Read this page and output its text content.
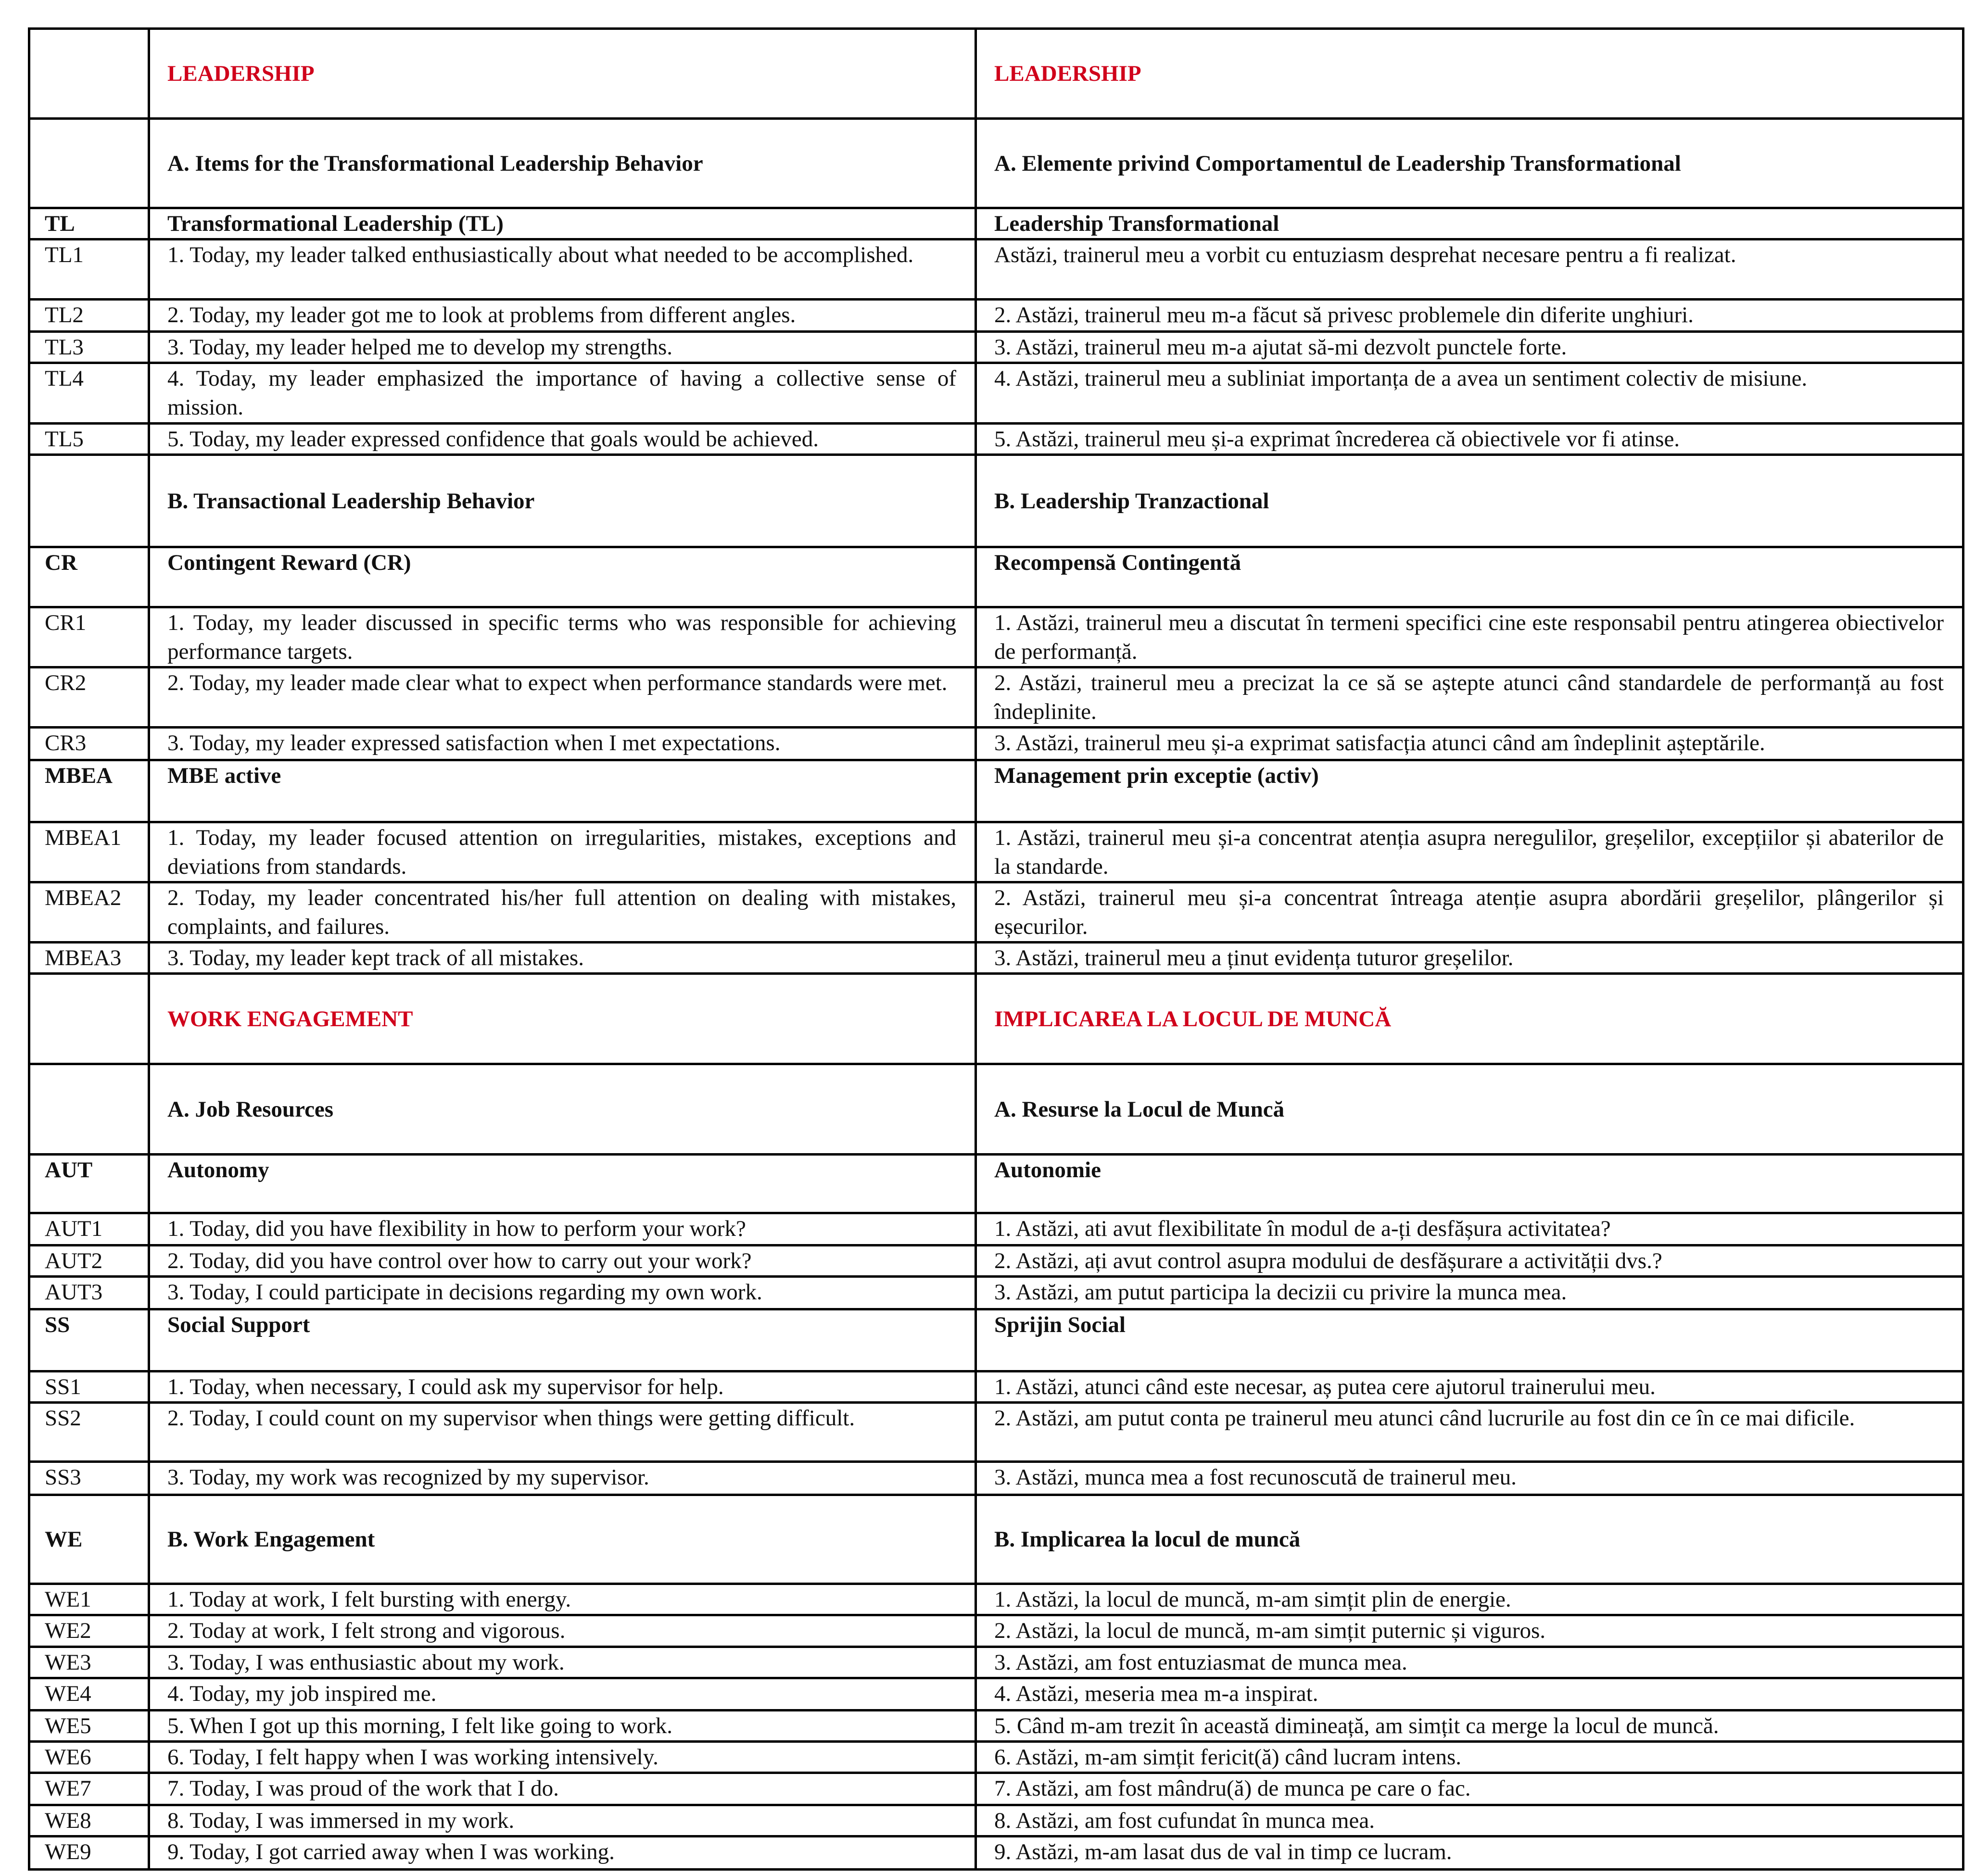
	LEADERSHIP	LEADERSHIP
	A. Items for the Transformational Leadership Behavior	A. Elemente privind Comportamentul de Leadership Transformational
TL	Transformational Leadership (TL)	Leadership Transformational
TL1	1. Today, my leader talked enthusiastically about what needed to be accomplished.	Astăzi, trainerul meu a vorbit cu entuziasm desprehat necesare pentru a fi realizat.
TL2	2. Today, my leader got me to look at problems from different angles.	2. Astăzi, trainerul meu m-a făcut să privesc problemele din diferite unghiuri.
TL3	3. Today, my leader helped me to develop my strengths.	3. Astăzi, trainerul meu m-a ajutat să-mi dezvolt punctele forte.
TL4	4. Today, my leader emphasized the importance of having a collective sense of mission.	4. Astăzi, trainerul meu a subliniat importanța de a avea un sentiment colectiv de misiune.
TL5	5. Today, my leader expressed confidence that goals would be achieved.	5. Astăzi, trainerul meu și-a exprimat încrederea că obiectivele vor fi atinse.
	B. Transactional Leadership Behavior	B. Leadership Tranzactional
CR	Contingent Reward (CR)	Recompensă Contingentă
CR1	1. Today, my leader discussed in specific terms who was responsible for achieving performance targets.	1. Astăzi, trainerul meu a discutat în termeni specifici cine este responsabil pentru atingerea obiectivelor de performanță.
CR2	2. Today, my leader made clear what to expect when performance standards were met.	2. Astăzi, trainerul meu a precizat la ce să se aștepte atunci când standardele de performanță au fost îndeplinite.
CR3	3. Today, my leader expressed satisfaction when I met expectations.	3. Astăzi, trainerul meu și-a exprimat satisfacția atunci când am îndeplinit așteptările.
MBEA	MBE active	Management prin exceptie (activ)
MBEA1	1. Today, my leader focused attention on irregularities, mistakes, exceptions and deviations from standards.	1. Astăzi, trainerul meu și-a concentrat atenția asupra neregulilor, greșelilor, excepțiilor și abaterilor de la standarde.
MBEA2	2. Today, my leader concentrated his/her full attention on dealing with mistakes, complaints, and failures.	2. Astăzi, trainerul meu și-a concentrat întreaga atenție asupra abordării greșelilor, plângerilor și eșecurilor.
MBEA3	3. Today, my leader kept track of all mistakes.	3. Astăzi, trainerul meu a ținut evidența tuturor greșelilor.
	WORK ENGAGEMENT	IMPLICAREA LA LOCUL DE MUNCĂ
	A. Job Resources	A. Resurse la Locul de Muncă
AUT	Autonomy	Autonomie
AUT1	1. Today, did you have flexibility in how to perform your work?	1. Astăzi, ati avut flexibilitate în modul de a-ți desfășura activitatea?
AUT2	2. Today, did you have control over how to carry out your work?	2. Astăzi, ați avut control asupra modului de desfășurare a activității dvs.?
AUT3	3. Today, I could participate in decisions regarding my own work.	3. Astăzi, am putut participa la decizii cu privire la munca mea.
SS	Social Support	Sprijin Social
SS1	1. Today, when necessary, I could ask my supervisor for help.	1. Astăzi, atunci când este necesar, aș putea cere ajutorul trainerului meu.
SS2	2. Today, I could count on my supervisor when things were getting difficult.	2. Astăzi, am putut conta pe trainerul meu atunci când lucrurile au fost din ce în ce mai dificile.
SS3	3. Today, my work was recognized by my supervisor.	3. Astăzi, munca mea a fost recunoscută de trainerul meu.
WE	B. Work Engagement	B. Implicarea la locul de muncă
WE1	1. Today at work, I felt bursting with energy.	1. Astăzi, la locul de muncă, m-am simțit plin de energie.
WE2	2. Today at work, I felt strong and vigorous.	2. Astăzi, la locul de muncă, m-am simțit puternic și viguros.
WE3	3. Today, I was enthusiastic about my work.	3. Astăzi, am fost entuziasmat de munca mea.
WE4	4. Today, my job inspired me.	4. Astăzi, meseria mea m-a inspirat.
WE5	5. When I got up this morning, I felt like going to work.	5. Când m-am trezit în această dimineață, am simțit ca merge la locul de muncă.
WE6	6. Today, I felt happy when I was working intensively.	6. Astăzi, m-am simțit fericit(ă) când lucram intens.
WE7	7. Today, I was proud of the work that I do.	7. Astăzi, am fost mândru(ă) de munca pe care o fac.
WE8	8. Today, I was immersed in my work.	8. Astăzi, am fost cufundat în munca mea.
WE9	9. Today, I got carried away when I was working.	9. Astăzi, m-am lasat dus de val in timp ce lucram.
